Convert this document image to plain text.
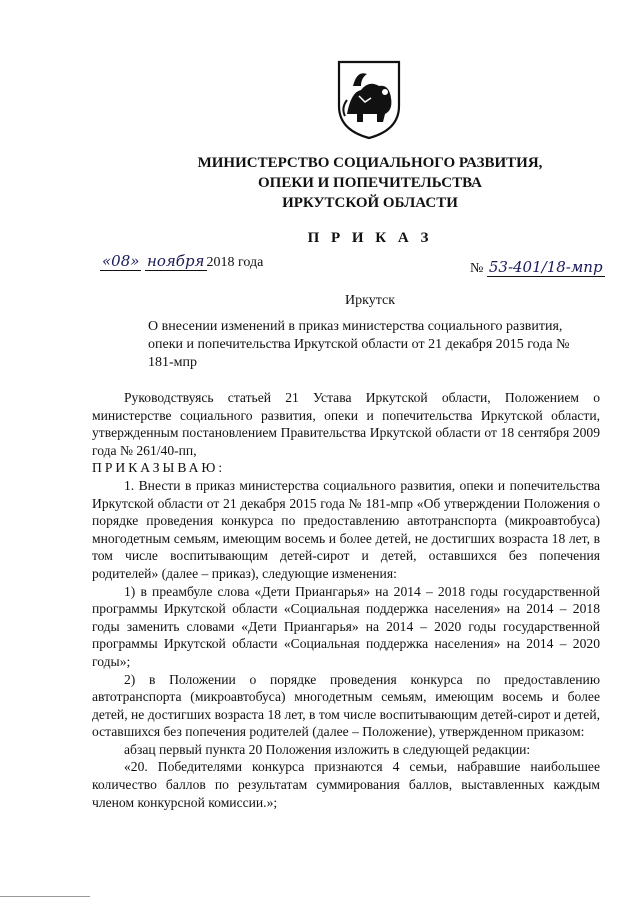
МИНИСТЕРСТВО СОЦИАЛЬНОГО РАЗВИТИЯ,
ОПЕКИ И ПОПЕЧИТЕЛЬСТВА
ИРКУТСКОЙ ОБЛАСТИ
П Р И К А З
«08» ноября 2018 года	№ 53-401/18-мпр
Иркутск
О внесении изменений в приказ министерства социального развития, опеки и попечительства Иркутской области от 21 декабря 2015 года № 181-мпр

Руководствуясь статьей 21 Устава Иркутской области, Положением о министерстве социального развития, опеки и попечительства Иркутской области, утвержденным постановлением Правительства Иркутской области от 18 сентября 2009 года № 261/40-пп,

ПРИКАЗЫВАЮ:

1. Внести в приказ министерства социального развития, опеки и попечительства Иркутской области от 21 декабря 2015 года № 181-мпр «Об утверждении Положения о порядке проведения конкурса по предоставлению автотранспорта (микроавтобуса) многодетным семьям, имеющим восемь и более детей, не достигших возраста 18 лет, в том числе воспитывающим детей-сирот и детей, оставшихся без попечения родителей» (далее – приказ), следующие изменения:

1) в преамбуле слова «Дети Приангарья» на 2014 – 2018 годы государственной программы Иркутской области «Социальная поддержка населения» на 2014 – 2018 годы заменить словами «Дети Приангарья» на 2014 – 2020 годы государственной программы Иркутской области «Социальная поддержка населения» на 2014 – 2020 годы»;

2) в Положении о порядке проведения конкурса по предоставлению автотранспорта (микроавтобуса) многодетным семьям, имеющим восемь и более детей, не достигших возраста 18 лет, в том числе воспитывающим детей-сирот и детей, оставшихся без попечения родителей (далее – Положение), утвержденном приказом:

абзац первый пункта 20 Положения изложить в следующей редакции:

«20. Победителями конкурса признаются 4 семьи, набравшие наибольшее количество баллов по результатам суммирования баллов, выставленных каждым членом конкурсной комиссии.»;
